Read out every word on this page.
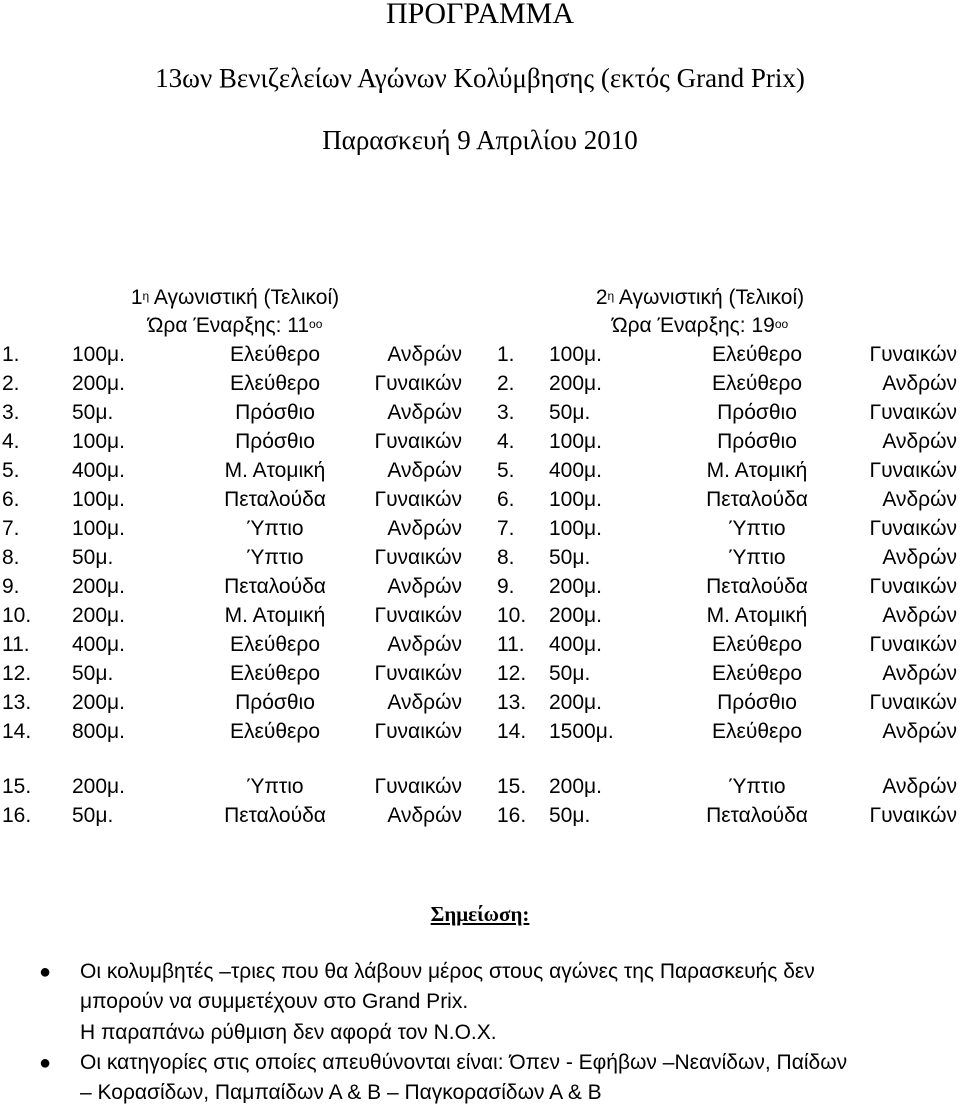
ΠΡΟΓΡΑΜΜΑ
13ων Βενιζελείων Αγώνων Κολύμβησης (εκτός Grand Prix)
Παρασκευή 9 Απριλίου 2010
$1^\eta$ Αγωνιστική (Τελικοί)
Ώρα Έναρξης: $11^{oo}$
$2^\eta$ Αγωνιστική (Τελικοί)
Ώρα Έναρξης: $19^{oo}$
1. 100μ.	Ελεύθερο	Ανδρών
2. 200μ.	Ελεύθερο	Γυναικών
3. 50μ.	Πρόσθιο	Ανδρών
4. 100μ.	Πρόσθιο	Γυναικών
5. 400μ.	Μ. Ατομική	Ανδρών
6. 100μ.	Πεταλούδα	Γυναικών
7. 100μ.	Ύπτιο	Ανδρών
8. 50μ.	Ύπτιο	Γυναικών
9. 200μ.	Πεταλούδα	Ανδρών
10. 200μ.	Μ. Ατομική	Γυναικών
11. 400μ.	Ελεύθερο	Ανδρών
12. 50μ.	Ελεύθερο	Γυναικών
13. 200μ.	Πρόσθιο	Ανδρών
14. 800μ.	Ελεύθερο	Γυναικών
15. 200μ.	Ύπτιο	Γυναικών
16. 50μ.	Πεταλούδα	Ανδρών
1. 100μ.	Ελεύθερο	Γυναικών
2. 200μ.	Ελεύθερο	Ανδρών
3. 50μ.	Πρόσθιο	Γυναικών
4. 100μ.	Πρόσθιο	Ανδρών
5. 400μ.	Μ. Ατομική	Γυναικών
6. 100μ.	Πεταλούδα	Ανδρών
7. 100μ.	Ύπτιο	Γυναικών
8. 50μ.	Ύπτιο	Ανδρών
9. 200μ.	Πεταλούδα	Γυναικών
10. 200μ.	Μ. Ατομική	Ανδρών
11. 400μ.	Ελεύθερο	Γυναικών
12. 50μ.	Ελεύθερο	Ανδρών
13. 200μ.	Πρόσθιο	Γυναικών
14. 1500μ.	Ελεύθερο	Ανδρών
15. 200μ.	Ύπτιο	Ανδρών
16. 50μ.	Πεταλούδα	Γυναικών
Σημείωση:
● Οι κολυμβητές –τριες που θα λάβουν μέρος στους αγώνες της Παρασκευής δεν
μπορούν να συμμετέχουν στο Grand Prix.
Η παραπάνω ρύθμιση δεν αφορά τον Ν.Ο.Χ.
● Οι κατηγορίες στις οποίες απευθύνονται είναι: Όπεν - Εφήβων –Νεανίδων, Παίδων
– Κορασίδων, Παμπαίδων Α & Β – Παγκορασίδων Α & Β
